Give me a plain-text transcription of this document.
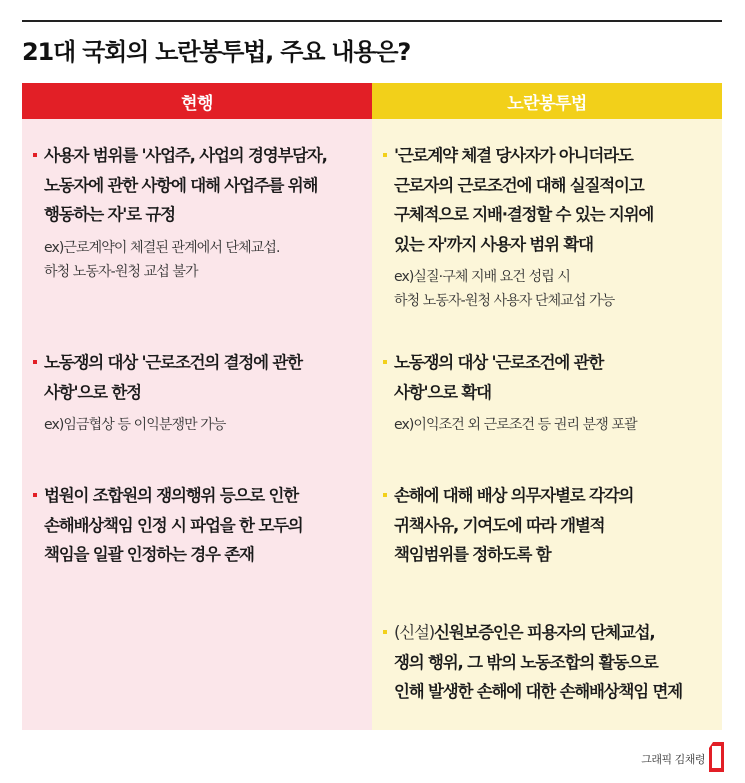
21대 국회의 노란봉투법, 주요 내용은?
현행
사용자 범위를 '사업주, 사업의 경영부담자,
노동자에 관한 사항에 대해 사업주를 위해
행동하는 자'로 규정
ex)근로계약이 체결된 관계에서 단체교섭.
하청 노동자-원청 교섭 불가
노동쟁의 대상 '근로조건의 결정에 관한
사항'으로 한정
ex)임금협상 등 이익분쟁만 가능
법원이 조합원의 쟁의행위 등으로 인한
손해배상책임 인정 시 파업을 한 모두의
책임을 일괄 인정하는 경우 존재
노란봉투법
'근로계약 체결 당사자가 아니더라도
근로자의 근로조건에 대해 실질적이고
구체적으로 지배·결정할 수 있는 지위에
있는 자'까지 사용자 범위 확대
ex)실질·구체 지배 요건 성립 시
하청 노동자-원청 사용자 단체교섭 가능
노동쟁의 대상 '근로조건에 관한
사항'으로 확대
ex)이익조건 외 근로조건 등 권리 분쟁 포괄
손해에 대해 배상 의무자별로 각각의
귀책사유, 기여도에 따라 개별적
책임범위를 정하도록 함
(신설)신원보증인은 피용자의 단체교섭,
쟁의 행위, 그 밖의 노동조합의 활동으로
인해 발생한 손해에 대한 손해배상책임 면제
그래픽 김채령
